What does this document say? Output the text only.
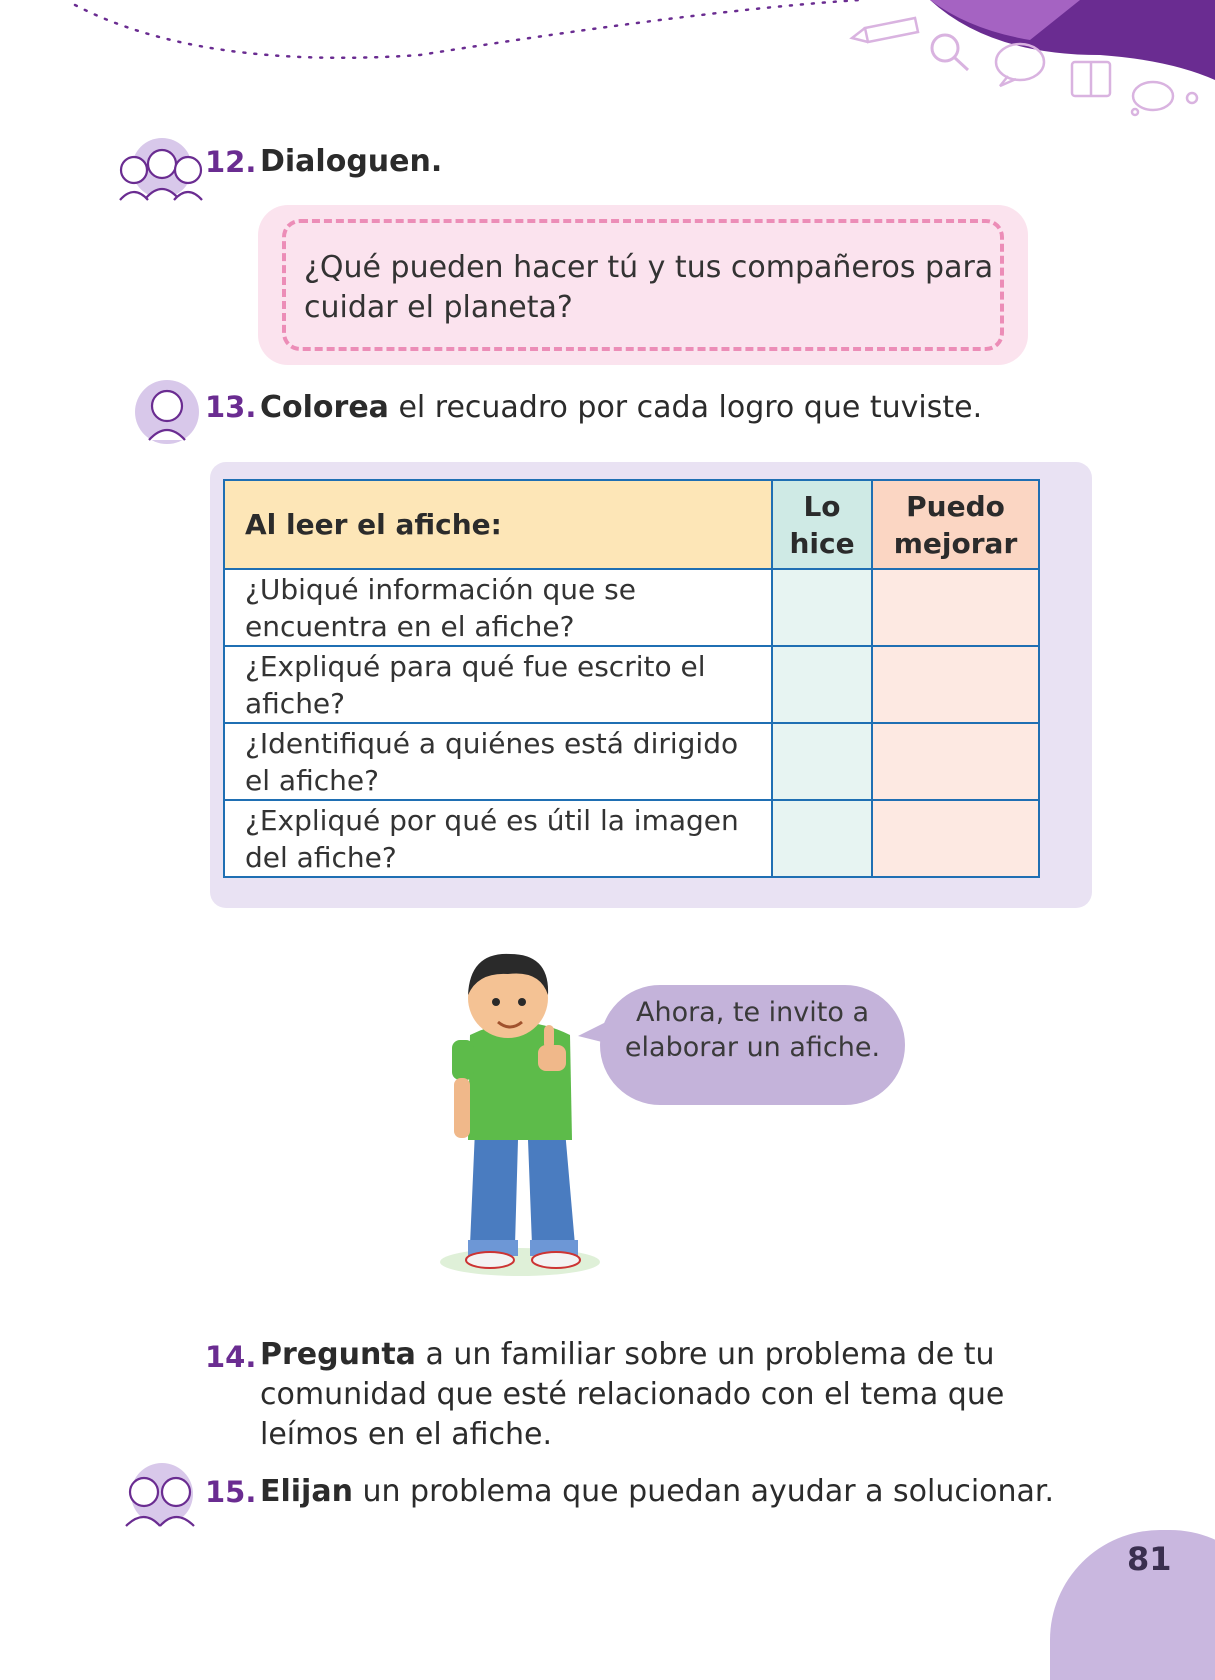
12. Dialoguen.
¿Qué pueden hacer tú y tus compañeros para cuidar el planeta?
13. Colorea el recuadro por cada logro que tuviste.
Al leer el afiche:	Lo hice	Puedo mejorar
¿Ubiqué información que se encuentra en el afiche?		
¿Expliqué para qué fue escrito el afiche?		
¿Identifiqué a quiénes está dirigido el afiche?		
¿Expliqué por qué es útil la imagen del afiche?		
Ahora, te invito a elaborar un afiche.
14. Pregunta a un familiar sobre un problema de tu comunidad que esté relacionado con el tema que leímos en el afiche.
15. Elijan un problema que puedan ayudar a solucionar.
81
